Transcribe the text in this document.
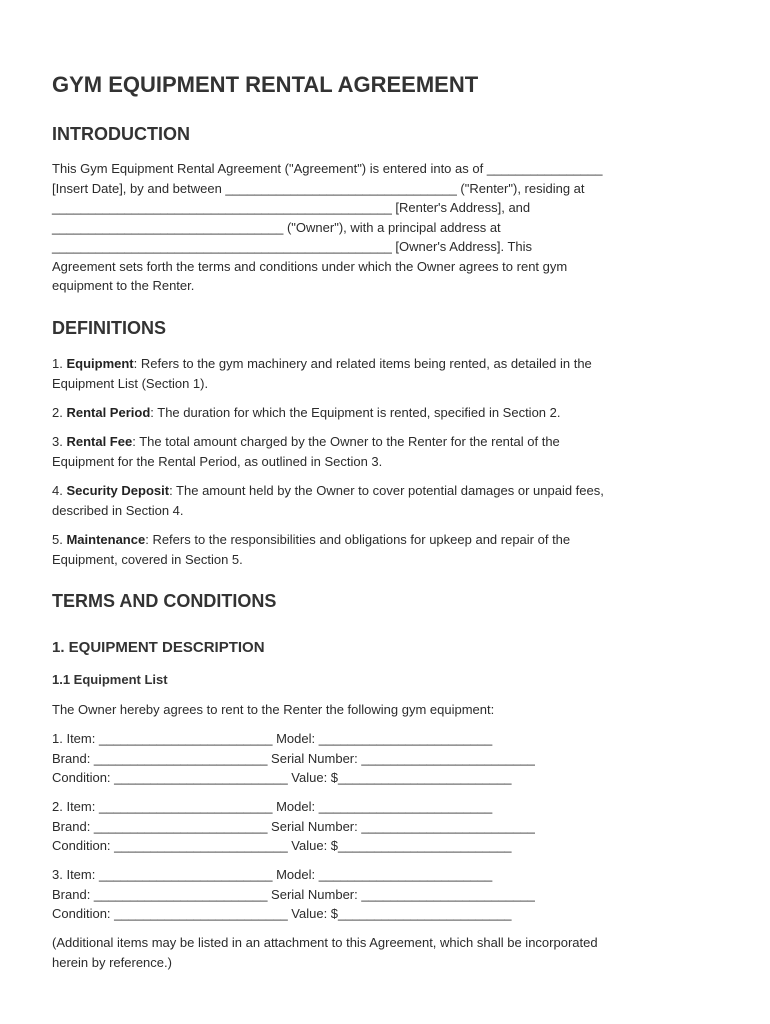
GYM EQUIPMENT RENTAL AGREEMENT
INTRODUCTION
This Gym Equipment Rental Agreement ("Agreement") is entered into as of ________________
[Insert Date], by and between ________________________________ ("Renter"), residing at
_______________________________________________ [Renter's Address], and
________________________________ ("Owner"), with a principal address at
_______________________________________________ [Owner's Address]. This
Agreement sets forth the terms and conditions under which the Owner agrees to rent gym
equipment to the Renter.
DEFINITIONS
1. Equipment: Refers to the gym machinery and related items being rented, as detailed in the
Equipment List (Section 1).
2. Rental Period: The duration for which the Equipment is rented, specified in Section 2.
3. Rental Fee: The total amount charged by the Owner to the Renter for the rental of the
Equipment for the Rental Period, as outlined in Section 3.
4. Security Deposit: The amount held by the Owner to cover potential damages or unpaid fees,
described in Section 4.
5. Maintenance: Refers to the responsibilities and obligations for upkeep and repair of the
Equipment, covered in Section 5.
TERMS AND CONDITIONS
1. EQUIPMENT DESCRIPTION
1.1 Equipment List
The Owner hereby agrees to rent to the Renter the following gym equipment:
1. Item: ________________________ Model: ________________________
Brand: ________________________ Serial Number: ________________________
Condition: ________________________ Value: $________________________
2. Item: ________________________ Model: ________________________
Brand: ________________________ Serial Number: ________________________
Condition: ________________________ Value: $________________________
3. Item: ________________________ Model: ________________________
Brand: ________________________ Serial Number: ________________________
Condition: ________________________ Value: $________________________
(Additional items may be listed in an attachment to this Agreement, which shall be incorporated
herein by reference.)
